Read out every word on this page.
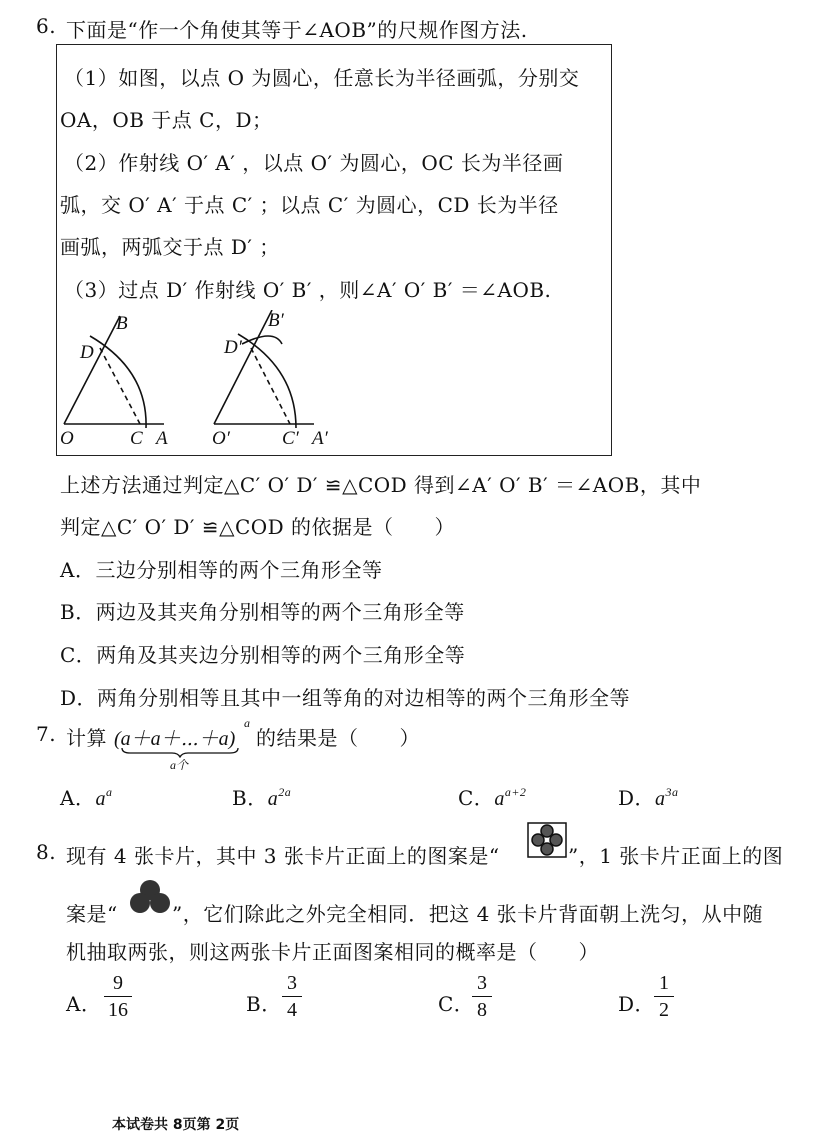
6. 下面是“作一个角使其等于∠AOB”的尺规作图方法.
（1）如图，以点 O 为圆心，任意长为半径画弧，分别交
OA，OB 于点 C，D；
（2）作射线 O′ A′ ，以点 O′ 为圆心，OC 长为半径画
弧，交 O′ A′ 于点 C′ ；以点 C′ 为圆心，CD 长为半径
画弧，两弧交于点 D′ ；
（3）过点 D′ 作射线 O′ B′ ，则∠A′ O′ B′ ＝∠AOB.
B
D
O	C A
B′
D′
O′	C′ A′
上述方法通过判定△C′ O′ D′ ≌△COD 得到∠A′ O′ B′ ＝∠AOB，其中
判定△C′ O′ D′ ≌△COD 的依据是（　　）
A．三边分别相等的两个三角形全等
B．两边及其夹角分别相等的两个三角形全等
C．两角及其夹边分别相等的两个三角形全等
D．两角分别相等且其中一组等角的对边相等的两个三角形全等
7. 计算 (a＋a＋⋯＋a)
a
a个
的结果是（　　）
A．$a^a$	B．$a^{2a}$	C．$a^{a+2}$	D．$a^{3a}$
8. 现有 4 张卡片，其中 3 张卡片正面上的图案是“	”，1 张卡片正面上的图
案是“	”，它们除此之外完全相同．把这 4 张卡片背面朝上洗匀，从中随
机抽取两张，则这两张卡片正面图案相同的概率是（　　）
A．
9
16	B．
3
4	C．
3
8	D．
1
2
本试卷共 8页第 2页
